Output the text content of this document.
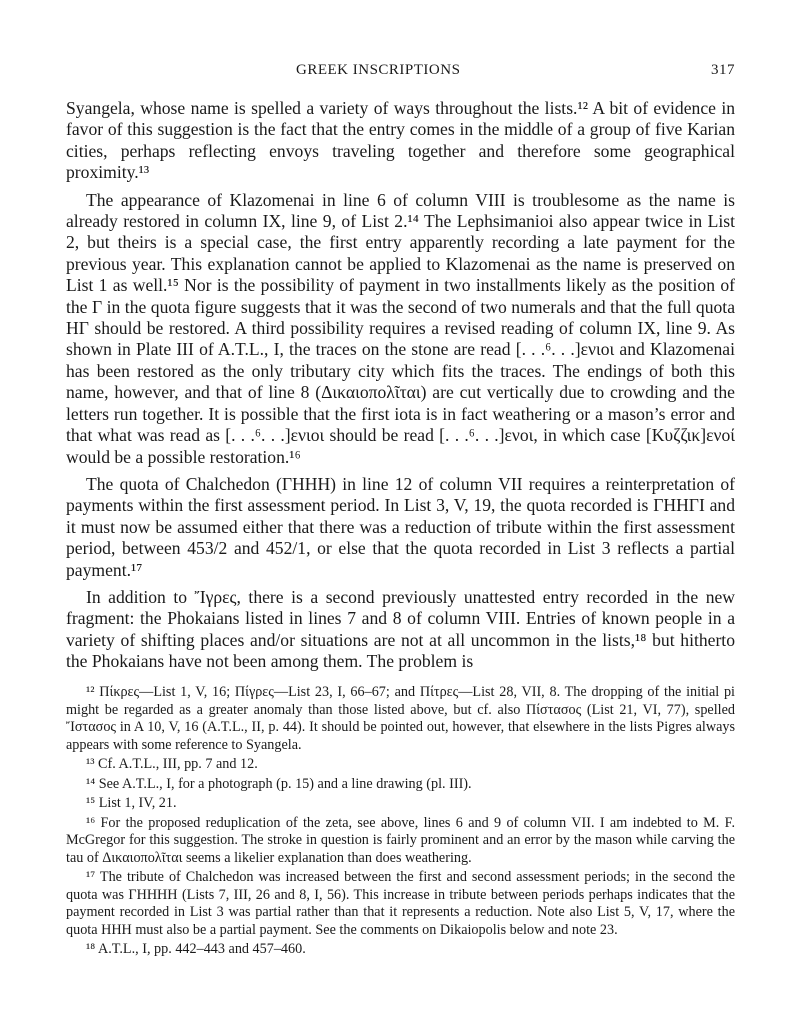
GREEK INSCRIPTIONS	317

Syangela, whose name is spelled a variety of ways throughout the lists.¹² A bit of evidence in favor of this suggestion is the fact that the entry comes in the middle of a group of five Karian cities, perhaps reflecting envoys traveling together and therefore some geographical proximity.¹³

The appearance of Klazomenai in line 6 of column VIII is troublesome as the name is already restored in column IX, line 9, of List 2.¹⁴ The Lephsimanioi also appear twice in List 2, but theirs is a special case, the first entry apparently recording a late payment for the previous year. This explanation cannot be applied to Klazomenai as the name is preserved on List 1 as well.¹⁵ Nor is the possibility of payment in two installments likely as the position of the Γ in the quota figure suggests that it was the second of two numerals and that the full quota HΓ should be restored. A third possibility requires a revised reading of column IX, line 9. As shown in Plate III of A.T.L., I, the traces on the stone are read [. . .⁶. . .]ενιοι and Klazomenai has been restored as the only tributary city which fits the traces. The endings of both this name, however, and that of line 8 (Δικαιοπολῖται) are cut vertically due to crowding and the letters run together. It is possible that the first iota is in fact weathering or a mason’s error and that what was read as [. . .⁶. . .]ενιοι should be read [. . .⁶. . .]ενοι, in which case [Κυζζικ]ενοί would be a possible restoration.¹⁶

The quota of Chalchedon (ΓHHH) in line 12 of column VII requires a reinterpretation of payments within the first assessment period. In List 3, V, 19, the quota recorded is ΓHHΓI and it must now be assumed either that there was a reduction of tribute within the first assessment period, between 453/2 and 452/1, or else that the quota recorded in List 3 reflects a partial payment.¹⁷

In addition to Ἴγρες, there is a second previously unattested entry recorded in the new fragment: the Phokaians listed in lines 7 and 8 of column VIII. Entries of known people in a variety of shifting places and/or situations are not at all uncommon in the lists,¹⁸ but hitherto the Phokaians have not been among them. The problem is

¹² Πίκρες—List 1, V, 16; Πίγρες—List 23, I, 66–67; and Πίτρες—List 28, VII, 8. The dropping of the initial pi might be regarded as a greater anomaly than those listed above, but cf. also Πίστασος (List 21, VI, 77), spelled Ἴστασος in A 10, V, 16 (A.T.L., II, p. 44). It should be pointed out, however, that elsewhere in the lists Pigres always appears with some reference to Syangela.

¹³ Cf. A.T.L., III, pp. 7 and 12.

¹⁴ See A.T.L., I, for a photograph (p. 15) and a line drawing (pl. III).

¹⁵ List 1, IV, 21.

¹⁶ For the proposed reduplication of the zeta, see above, lines 6 and 9 of column VII. I am indebted to M. F. McGregor for this suggestion. The stroke in question is fairly prominent and an error by the mason while carving the tau of Δικαιοπολῖται seems a likelier explanation than does weathering.

¹⁷ The tribute of Chalchedon was increased between the first and second assessment periods; in the second the quota was ΓHHHH (Lists 7, III, 26 and 8, I, 56). This increase in tribute between periods perhaps indicates that the payment recorded in List 3 was partial rather than that it represents a reduction. Note also List 5, V, 17, where the quota HHH must also be a partial payment. See the comments on Dikaiopolis below and note 23.

¹⁸ A.T.L., I, pp. 442–443 and 457–460.
